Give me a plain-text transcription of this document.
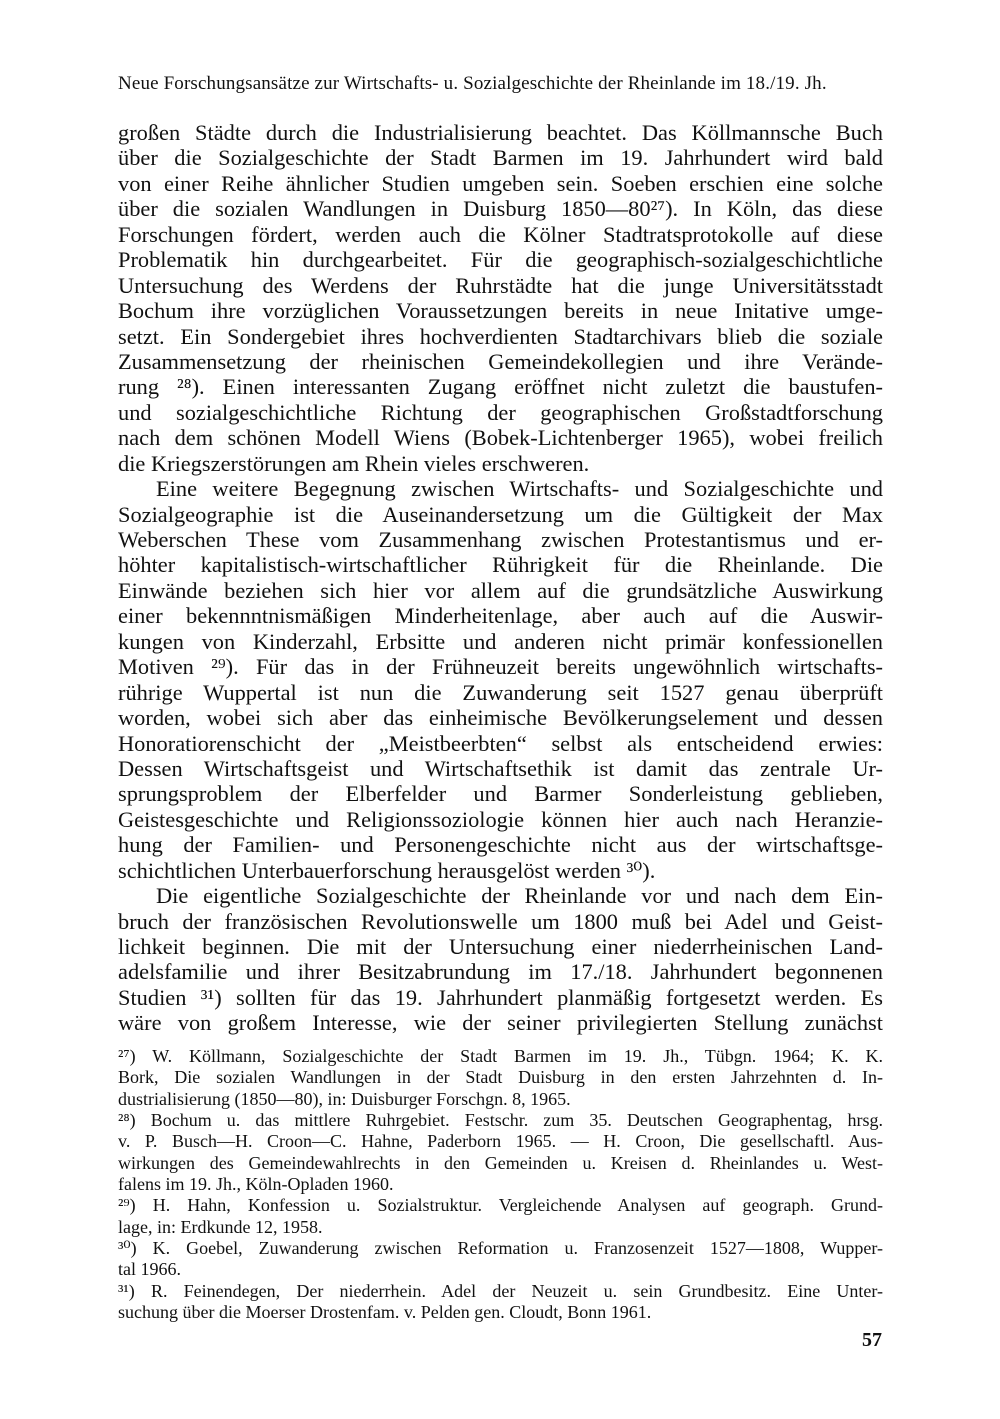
Neue Forschungsansätze zur Wirtschafts- u. Sozialgeschichte der Rheinlande im 18./19. Jh.
großen Städte durch die Industrialisierung beachtet. Das Köllmannsche Buch
über die Sozialgeschichte der Stadt Barmen im 19. Jahrhundert wird bald
von einer Reihe ähnlicher Studien umgeben sein. Soeben erschien eine solche
über die sozialen Wandlungen in Duisburg 1850—80²⁷). In Köln, das diese
Forschungen fördert, werden auch die Kölner Stadtratsprotokolle auf diese
Problematik hin durchgearbeitet. Für die geographisch-sozialgeschichtliche
Untersuchung des Werdens der Ruhrstädte hat die junge Universitätsstadt
Bochum ihre vorzüglichen Voraussetzungen bereits in neue Initative umge-
setzt. Ein Sondergebiet ihres hochverdienten Stadtarchivars blieb die soziale
Zusammensetzung der rheinischen Gemeindekollegien und ihre Verände-
rung ²⁸). Einen interessanten Zugang eröffnet nicht zuletzt die baustufen-
und sozialgeschichtliche Richtung der geographischen Großstadtforschung
nach dem schönen Modell Wiens (Bobek-Lichtenberger 1965), wobei freilich
die Kriegszerstörungen am Rhein vieles erschweren.
Eine weitere Begegnung zwischen Wirtschafts- und Sozialgeschichte und
Sozialgeographie ist die Auseinandersetzung um die Gültigkeit der Max
Weberschen These vom Zusammenhang zwischen Protestantismus und er-
höhter kapitalistisch-wirtschaftlicher Rührigkeit für die Rheinlande. Die
Einwände beziehen sich hier vor allem auf die grundsätzliche Auswirkung
einer bekennntnismäßigen Minderheitenlage, aber auch auf die Auswir-
kungen von Kinderzahl, Erbsitte und anderen nicht primär konfessionellen
Motiven ²⁹). Für das in der Frühneuzeit bereits ungewöhnlich wirtschafts-
rührige Wuppertal ist nun die Zuwanderung seit 1527 genau überprüft
worden, wobei sich aber das einheimische Bevölkerungselement und dessen
Honoratiorenschicht der „Meistbeerbten“ selbst als entscheidend erwies:
Dessen Wirtschaftsgeist und Wirtschaftsethik ist damit das zentrale Ur-
sprungsproblem der Elberfelder und Barmer Sonderleistung geblieben,
Geistesgeschichte und Religionssoziologie können hier auch nach Heranzie-
hung der Familien- und Personengeschichte nicht aus der wirtschaftsge-
schichtlichen Unterbauerforschung herausgelöst werden ³⁰).
Die eigentliche Sozialgeschichte der Rheinlande vor und nach dem Ein-
bruch der französischen Revolutionswelle um 1800 muß bei Adel und Geist-
lichkeit beginnen. Die mit der Untersuchung einer niederrheinischen Land-
adelsfamilie und ihrer Besitzabrundung im 17./18. Jahrhundert begonnenen
Studien ³¹) sollten für das 19. Jahrhundert planmäßig fortgesetzt werden. Es
wäre von großem Interesse, wie der seiner privilegierten Stellung zunächst
²⁷) W. Köllmann, Sozialgeschichte der Stadt Barmen im 19. Jh., Tübgn. 1964; K. K.
Bork, Die sozialen Wandlungen in der Stadt Duisburg in den ersten Jahrzehnten d. In-
dustrialisierung (1850—80), in: Duisburger Forschgn. 8, 1965.
²⁸) Bochum u. das mittlere Ruhrgebiet. Festschr. zum 35. Deutschen Geographentag, hrsg.
v. P. Busch—H. Croon—C. Hahne, Paderborn 1965. — H. Croon, Die gesellschaftl. Aus-
wirkungen des Gemeindewahlrechts in den Gemeinden u. Kreisen d. Rheinlandes u. West-
falens im 19. Jh., Köln-Opladen 1960.
²⁹) H. Hahn, Konfession u. Sozialstruktur. Vergleichende Analysen auf geograph. Grund-
lage, in: Erdkunde 12, 1958.
³⁰) K. Goebel, Zuwanderung zwischen Reformation u. Franzosenzeit 1527—1808, Wupper-
tal 1966.
³¹) R. Feinendegen, Der niederrhein. Adel der Neuzeit u. sein Grundbesitz. Eine Unter-
suchung über die Moerser Drostenfam. v. Pelden gen. Cloudt, Bonn 1961.
57
